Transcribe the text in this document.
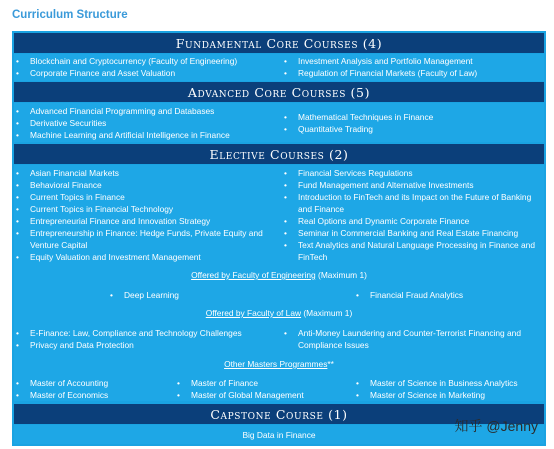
Curriculum Structure
Fundamental Core Courses (4)
• Blockchain and Cryptocurrency (Faculty of Engineering)
• Corporate Finance and Asset Valuation
• Investment Analysis and Portfolio Management
• Regulation of Financial Markets (Faculty of Law)
Advanced Core Courses (5)
• Advanced Financial Programming and Databases
• Derivative Securities
• Machine Learning and Artificial Intelligence in Finance
• Mathematical Techniques in Finance
• Quantitative Trading
Elective Courses (2)
• Asian Financial Markets
• Behavioral Finance
• Current Topics in Finance
• Current Topics in Financial Technology
• Entrepreneurial Finance and Innovation Strategy
• Entrepreneurship in Finance: Hedge Funds, Private Equity and Venture Capital
• Equity Valuation and Investment Management
• Financial Services Regulations
• Fund Management and Alternative Investments
• Introduction to FinTech and its Impact on the Future of Banking and Finance
• Real Options and Dynamic Corporate Finance
• Seminar in Commercial Banking and Real Estate Financing
• Text Analytics and Natural Language Processing in Finance and FinTech
Offered by Faculty of Engineering (Maximum 1)
• Deep Learning
•	Financial Fraud Analytics
Offered by Faculty of Law (Maximum 1)
• E-Finance: Law, Compliance and Technology Challenges
• Privacy and Data Protection
• Anti-Money Laundering and Counter-Terrorist Financing and Compliance Issues
Other Masters Programmes**
• Master of Accounting
• Master of Economics
• Master of Finance
• Master of Global Management
• Master of Science in Business Analytics
• Master of Science in Marketing
Capstone Course (1)
Big Data in Finance
知乎 @Jenny
